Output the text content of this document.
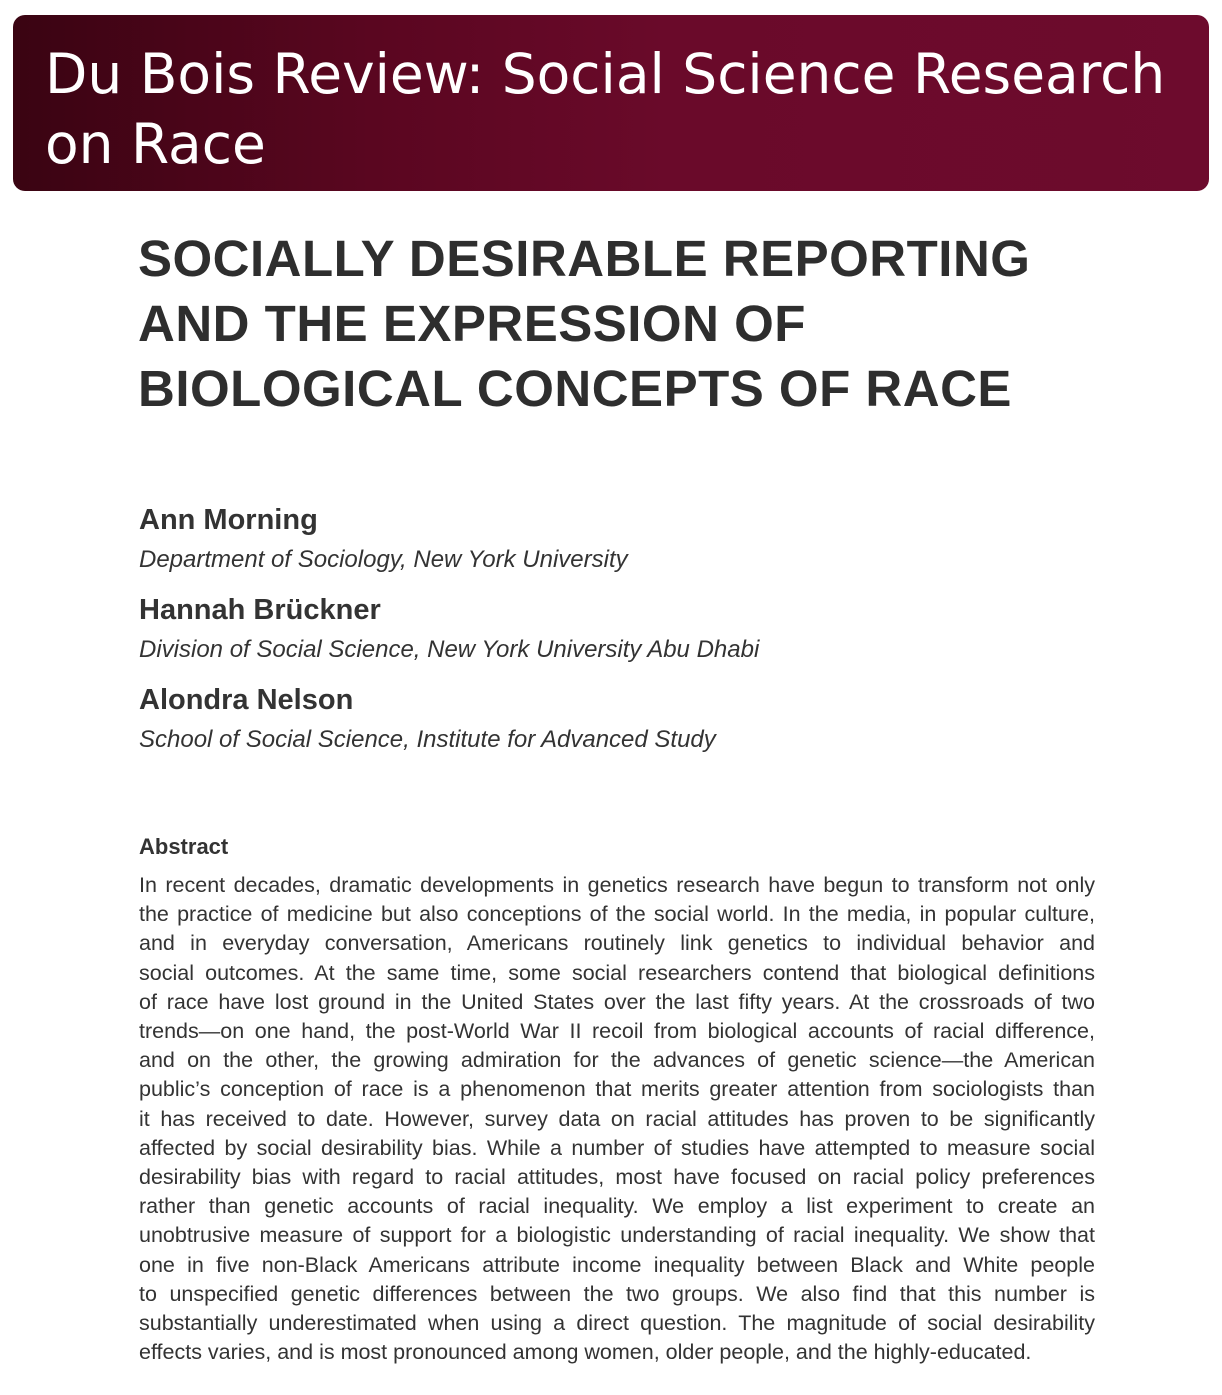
Du Bois Review: Social Science Research
on Race
SOCIALLY DESIRABLE REPORTING
AND THE EXPRESSION OF
BIOLOGICAL CONCEPTS OF RACE
Ann Morning
Department of Sociology, New York University
Hannah Brückner
Division of Social Science, New York University Abu Dhabi
Alondra Nelson
School of Social Science, Institute for Advanced Study
Abstract
In recent decades, dramatic developments in genetics research have begun to transform not only
the practice of medicine but also conceptions of the social world. In the media, in popular culture,
and in everyday conversation, Americans routinely link genetics to individual behavior and
social outcomes. At the same time, some social researchers contend that biological definitions
of race have lost ground in the United States over the last fifty years. At the crossroads of two
trends—on one hand, the post-World War II recoil from biological accounts of racial difference,
and on the other, the growing admiration for the advances of genetic science—the American
public’s conception of race is a phenomenon that merits greater attention from sociologists than
it has received to date. However, survey data on racial attitudes has proven to be significantly
affected by social desirability bias. While a number of studies have attempted to measure social
desirability bias with regard to racial attitudes, most have focused on racial policy preferences
rather than genetic accounts of racial inequality. We employ a list experiment to create an
unobtrusive measure of support for a biologistic understanding of racial inequality. We show that
one in five non-Black Americans attribute income inequality between Black and White people
to unspecified genetic differences between the two groups. We also find that this number is
substantially underestimated when using a direct question. The magnitude of social desirability
effects varies, and is most pronounced among women, older people, and the highly-educated.
